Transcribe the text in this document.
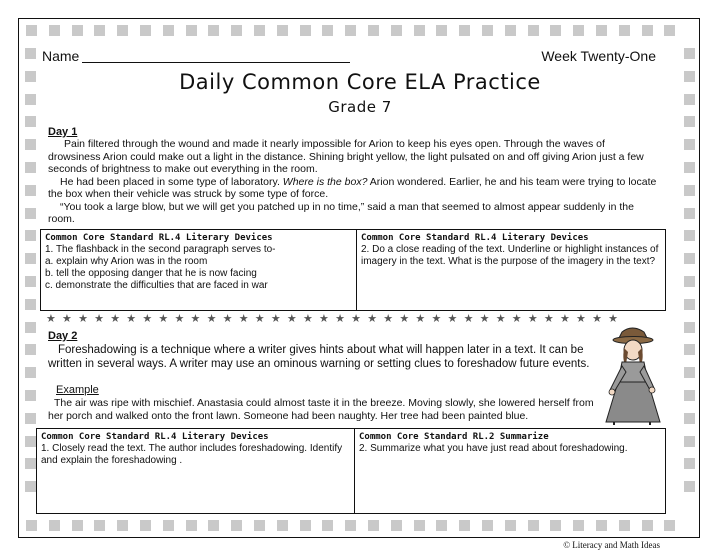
Name	Week Twenty-One
Daily Common Core ELA Practice
Grade 7
Day 1
Pain filtered through the wound and made it nearly impossible for Arion to keep his eyes open. Through the waves of drowsiness Arion could make out a light in the distance. Shining bright yellow, the light pulsated on and off giving Arion just a few seconds of brightness to make out everything in the room.
He had been placed in some type of laboratory. Where is the box? Arion wondered. Earlier, he and his team were trying to locate the box when their vehicle was struck by some type of force.
“You took a large blow, but we will get you patched up in no time,” said a man that seemed to almost appear suddenly in the room.
Common Core Standard RL.4 Literary Devices
1. The flashback in the second paragraph serves to-
a. explain why Arion was in the room
b. tell the opposing danger that he is now facing
c. demonstrate the difficulties that are faced in war
Common Core Standard RL.4 Literary Devices
2. Do a close reading of the text. Underline or highlight instances of imagery in the text. What is the purpose of the imagery in the text?
★★★★★★★★★★★★★★★★★★★★★★★★★★★★★★★★★★★★
Day 2
Foreshadowing is a technique where a writer gives hints about what will happen later in a text. It can be written in several ways. A writer may use an ominous warning or setting clues to foreshadow future events.
Example
The air was ripe with mischief. Anastasia could almost taste it in the breeze. Moving slowly, she lowered herself from her porch and walked onto the front lawn. Someone had been naughty. Her tree had been painted blue.
Common Core Standard RL.4 Literary Devices
1. Closely read the text. The author includes foreshadowing. Identify and explain the foreshadowing .
Common Core Standard RL.2 Summarize
2. Summarize what you have just read about foreshadowing.
© Literacy and Math Ideas
